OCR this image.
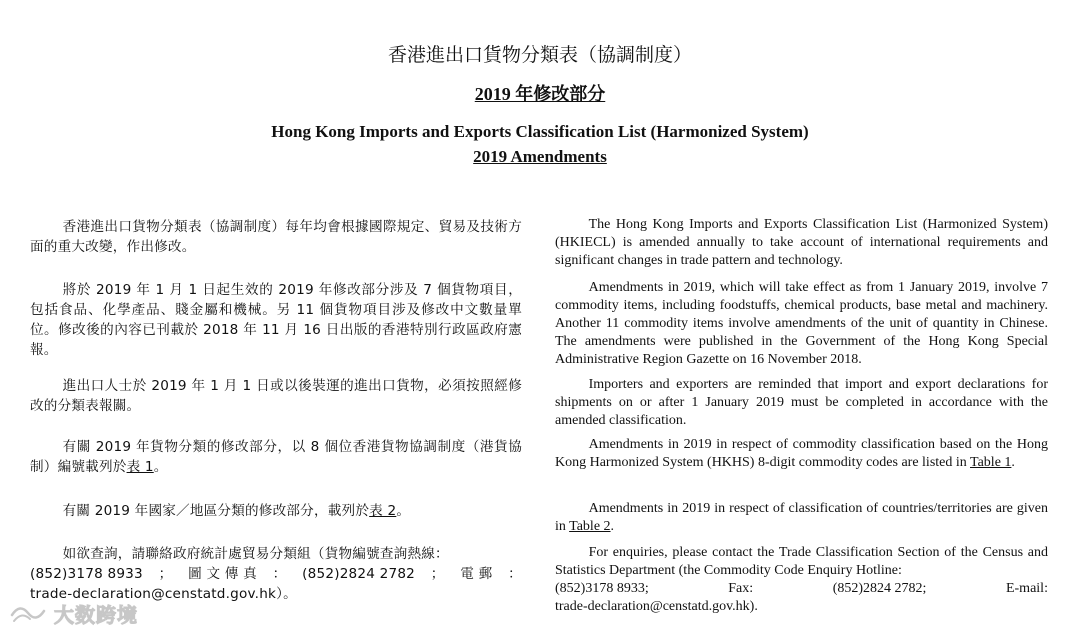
香港進出口貨物分類表（協調制度）
2019 年修改部分
Hong Kong Imports and Exports Classification List (Harmonized System)
2019 Amendments

香港進出口貨物分類表（協調制度）每年均會根據國際規定、貿易及技術方面的重大改變，作出修改。

將於 2019 年 1 月 1 日起生效的 2019 年修改部分涉及 7 個貨物項目，包括食品、化學產品、賤金屬和機械。另 11 個貨物項目涉及修改中文數量單位。修改後的內容已刊載於 2018 年 11 月 16 日出版的香港特別行政區政府憲報。

進出口人士於 2019 年 1 月 1 日或以後裝運的進出口貨物，必須按照經修改的分類表報關。

有關 2019 年貨物分類的修改部分，以 8 個位香港貨物協調制度（港貨協制）編號載列於表 1。

有關 2019 年國家／地區分類的修改部分，載列於表 2。

如欲查詢，請聯絡政府統計處貿易分類組（貨物編號查詢熱線：
(852)3178 8933 ； 圖 文 傳 真 ： (852)2824 2782 ； 電 郵 ：
trade-declaration@censtatd.gov.hk）。

The Hong Kong Imports and Exports Classification List (Harmonized System) (HKIECL) is amended annually to take account of international requirements and significant changes in trade pattern and technology.

Amendments in 2019, which will take effect as from 1 January 2019, involve 7 commodity items, including foodstuffs, chemical products, base metal and machinery.   Another 11 commodity items involve amendments of the unit of quantity in Chinese.   The amendments were published in the Government of the Hong Kong Special Administrative Region Gazette on 16 November 2018.

Importers and exporters are reminded that import and export declarations for shipments on or after 1 January 2019 must be completed in accordance with the amended classification.

Amendments in 2019 in respect of commodity classification based on the Hong Kong Harmonized System (HKHS) 8-digit commodity codes are listed in Table 1.

Amendments in 2019 in respect of classification of countries/territories are given in Table 2.

For enquiries, please contact the Trade Classification Section of the Census and Statistics Department (the Commodity Code Enquiry Hotline:
(852)3178 8933;	Fax:	(852)2824 2782;	E-mail:
trade-declaration@censtatd.gov.hk).
大数跨境
